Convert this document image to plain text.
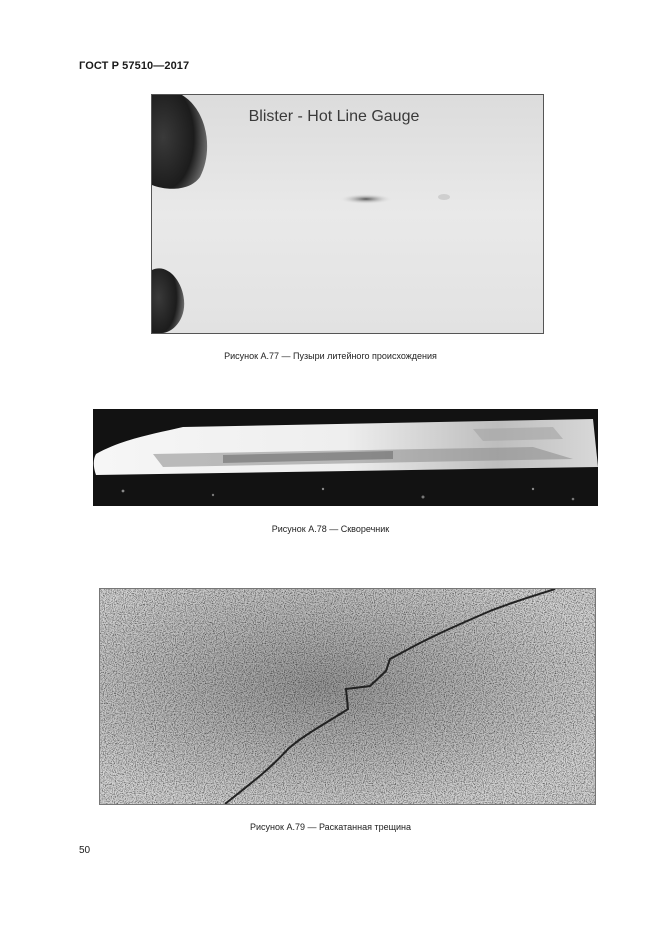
ГОСТ Р 57510—2017
Blister - Hot Line Gauge
Рисунок А.77 — Пузыри литейного происхождения
Рисунок А.78 — Скворечник
Рисунок А.79 — Раскатанная трещина
50
